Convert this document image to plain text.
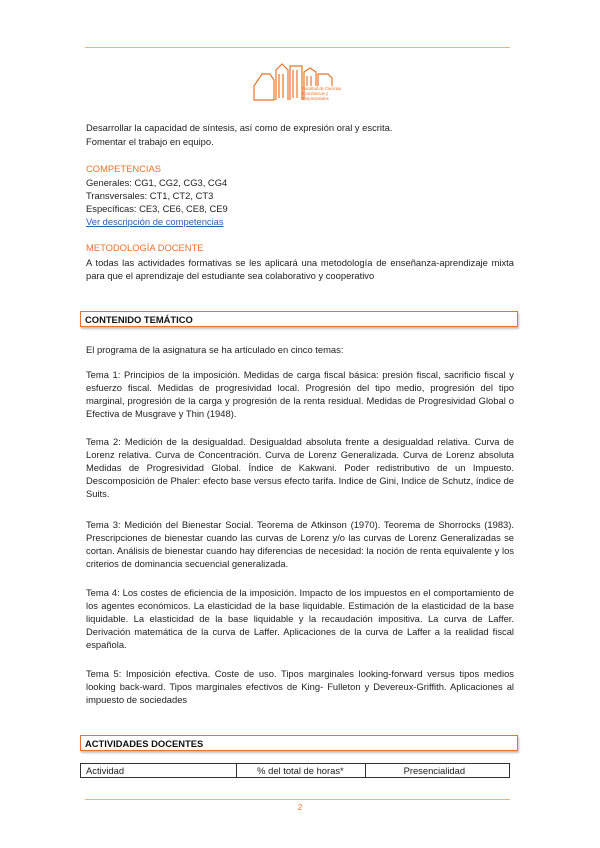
Facultad de Ciencias Económicas y Empresariales

Desarrollar la capacidad de síntesis, así como de expresión oral y escrita.

Fomentar el trabajo en equipo.

COMPETENCIAS

Generales: CG1, CG2, CG3, CG4

Transversales: CT1, CT2, CT3

Específicas: CE3, CE6, CE8, CE9

Ver descripción de competencias

METODOLOGÍA DOCENTE

A todas las actividades formativas se les aplicará una metodología de enseñanza-aprendizaje mixta para que el aprendizaje del estudiante sea colaborativo y cooperativo

CONTENIDO TEMÁTICO

El programa de la asignatura se ha articulado en cinco temas:

Tema 1: Principios de la imposición. Medidas de carga fiscal básica: presión fiscal, sacrificio fiscal y esfuerzo fiscal. Medidas de progresividad local. Progresión del tipo medio, progresión del tipo marginal, progresión de la carga y progresión de la renta residual. Medidas de Progresividad Global o Efectiva de Musgrave y Thin (1948).

Tema 2: Medición de la desigualdad. Desigualdad absoluta frente a desigualdad relativa. Curva de Lorenz relativa. Curva de Concentración. Curva de Lorenz Generalizada. Curva de Lorenz absoluta Medidas de Progresividad Global. Índice de Kakwani. Poder redistributivo de un Impuesto. Descomposición de Phaler: efecto base versus efecto tarifa. Indice de Gini, Indice de Schutz, índice de Suits.

Tema 3: Medición del Bienestar Social. Teorema de Atkinson (1970). Teorema de Shorrocks (1983). Prescripciones de bienestar cuando las curvas de Lorenz y/o las curvas de Lorenz Generalizadas se cortan. Análisis de bienestar cuando hay diferencias de necesidad: la noción de renta equivalente y los criterios de dominancia secuencial generalizada.

Tema 4: Los costes de eficiencia de la imposición. Impacto de los impuestos en el comportamiento de los agentes económicos. La elasticidad de la base liquidable. Estimación de la elasticidad de la base liquidable. La elasticidad de la base liquidable y la recaudación impositiva. La curva de Laffer. Derivación matemática de la curva de Laffer. Aplicaciones de la curva de Laffer a la realidad fiscal española.

Tema 5: Imposición efectiva. Coste de uso. Tipos marginales looking-forward versus tipos medios looking back-ward. Tipos marginales efectivos de King- Fulleton y Devereux-Griffith. Aplicaciones al impuesto de sociedades

ACTIVIDADES DOCENTES
Actividad	% del total de horas*	Presencialidad
2
